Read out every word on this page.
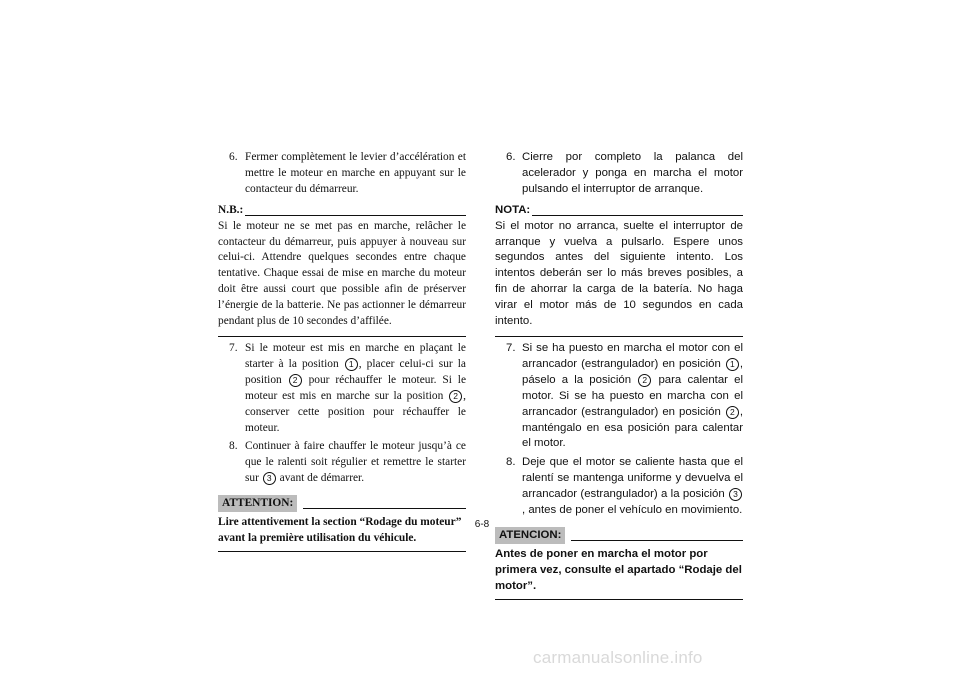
6. Fermer complètement le levier d’accélération et mettre le moteur en marche en appuyant sur le contacteur du démarreur.
N.B.:
Si le moteur ne se met pas en marche, relâcher le contacteur du démarreur, puis appuyer à nouveau sur celui-ci. Attendre quelques secondes entre chaque tentative. Chaque essai de mise en marche du moteur doit être aussi court que possible afin de préserver l’énergie de la batterie. Ne pas actionner le démarreur pendant plus de 10 secondes d’affilée.
7. Si le moteur est mis en marche en plaçant le starter à la position 1 , placer celui-ci sur la position 2 pour réchauffer le moteur. Si le moteur est mis en marche sur la position 2 , conserver cette position pour réchauffer le moteur.
8. Continuer à faire chauffer le moteur jusqu’à ce que le ralenti soit régulier et remettre le starter sur 3 avant de démarrer.
ATTENTION:
Lire attentivement la section “Rodage du moteur” avant la première utilisation du véhicule.
6. Cierre por completo la palanca del acelerador y ponga en marcha el motor pulsando el interruptor de arranque.
NOTA:
Si el motor no arranca, suelte el interruptor de arranque y vuelva a pulsarlo. Espere unos segundos antes del siguiente intento. Los intentos deberán ser lo más breves posibles, a fin de ahorrar la carga de la batería. No haga virar el motor más de 10 segundos en cada intento.
7. Si se ha puesto en marcha el motor con el arrancador (estrangulador) en posición 1 , páselo a la posición 2 para calentar el motor. Si se ha puesto en marcha con el arrancador (estrangulador) en posición 2 , manténgalo en esa posición para calentar el motor.
8. Deje que el motor se caliente hasta que el ralentí se mantenga uniforme y devuelva el arrancador (estrangulador) a la posición 3, antes de poner el vehículo en movimiento.
ATENCION:
Antes de poner en marcha el motor por primera vez, consulte el apartado “Rodaje del motor”.
6-8
carmanualsonline.info
